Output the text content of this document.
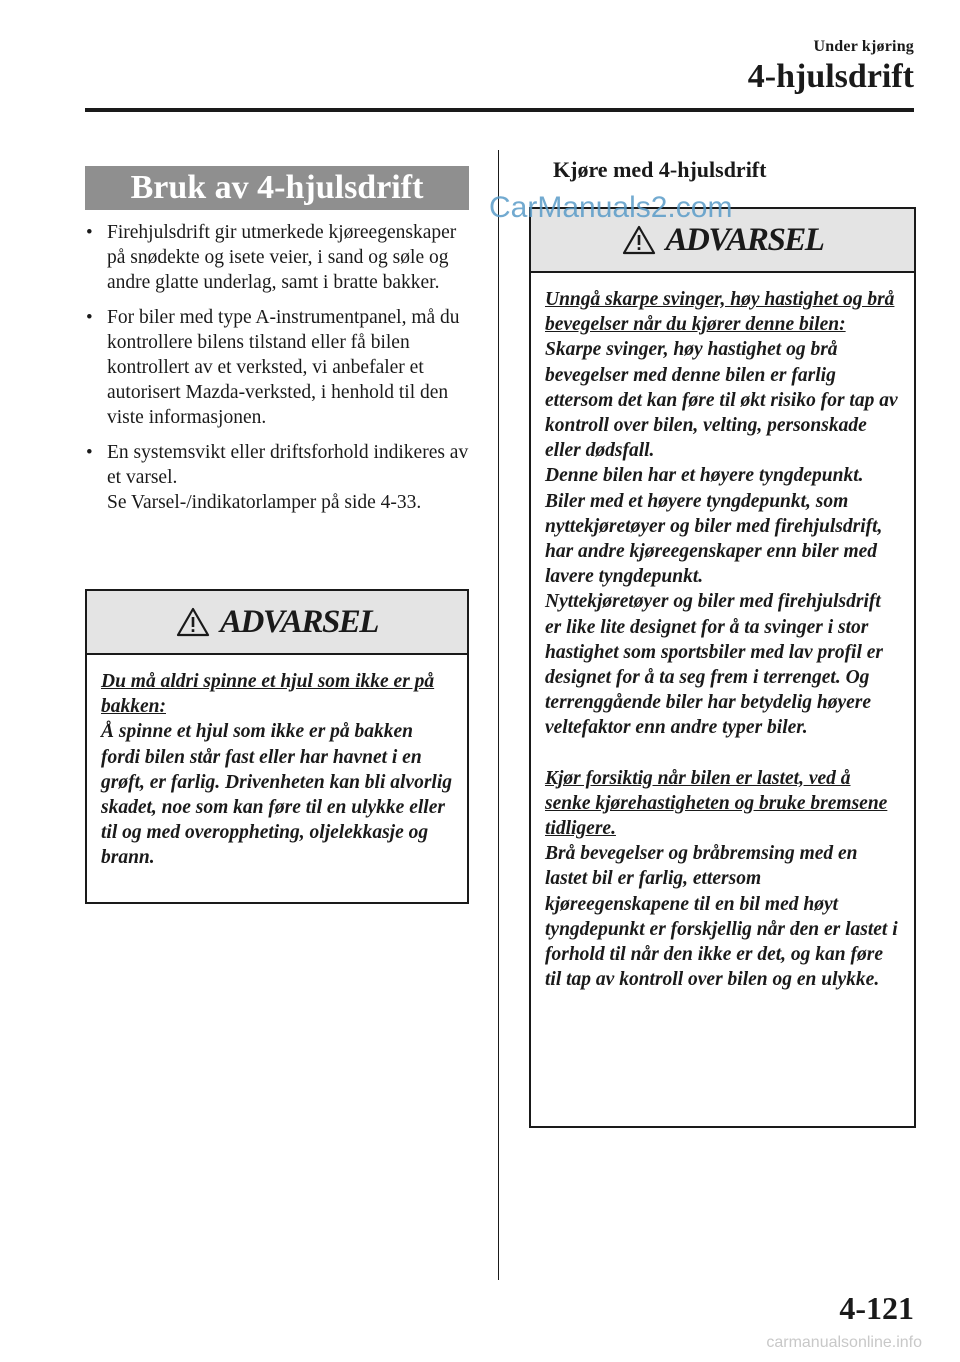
Under kjøring
4-hjulsdrift
Bruk av 4-hjulsdrift
• Firehjulsdrift gir utmerkede kjøreegenskaper på snødekte og isete veier, i sand og søle og andre glatte underlag, samt i bratte bakker.
• For biler med type A-instrumentpanel, må du kontrollere bilens tilstand eller få bilen kontrollert av et verksted, vi anbefaler et autorisert Mazda-verksted, i henhold til den viste informasjonen.
• En systemsvikt eller driftsforhold indikeres av et varsel.
Se Varsel-/indikatorlamper på side 4-33.
ADVARSEL
Du må aldri spinne et hjul som ikke er på bakken:
Å spinne et hjul som ikke er på bakken fordi bilen står fast eller har havnet i en grøft, er farlig. Drivenheten kan bli alvorlig skadet, noe som kan føre til en ulykke eller til og med overoppheting, oljelekkasje og brann.
Kjøre med 4-hjulsdrift
ADVARSEL
Unngå skarpe svinger, høy hastighet og brå bevegelser når du kjører denne bilen:
Skarpe svinger, høy hastighet og brå bevegelser med denne bilen er farlig ettersom det kan føre til økt risiko for tap av kontroll over bilen, velting, personskade eller dødsfall.
Denne bilen har et høyere tyngdepunkt. Biler med et høyere tyngdepunkt, som nyttekjøretøyer og biler med firehjulsdrift, har andre kjøreegenskaper enn biler med lavere tyngdepunkt.
Nyttekjøretøyer og biler med firehjulsdrift er like lite designet for å ta svinger i stor hastighet som sportsbiler med lav profil er designet for å ta seg frem i terrenget. Og terrenggående biler har betydelig høyere veltefaktor enn andre typer biler.
Kjør forsiktig når bilen er lastet, ved å senke kjørehastigheten og bruke bremsene tidligere.
Brå bevegelser og bråbremsing med en lastet bil er farlig, ettersom kjøreegenskapene til en bil med høyt tyngdepunkt er forskjellig når den er lastet i forhold til når den ikke er det, og kan føre til tap av kontroll over bilen og en ulykke.
CarManuals2.com
4-121
carmanualsonline.info
